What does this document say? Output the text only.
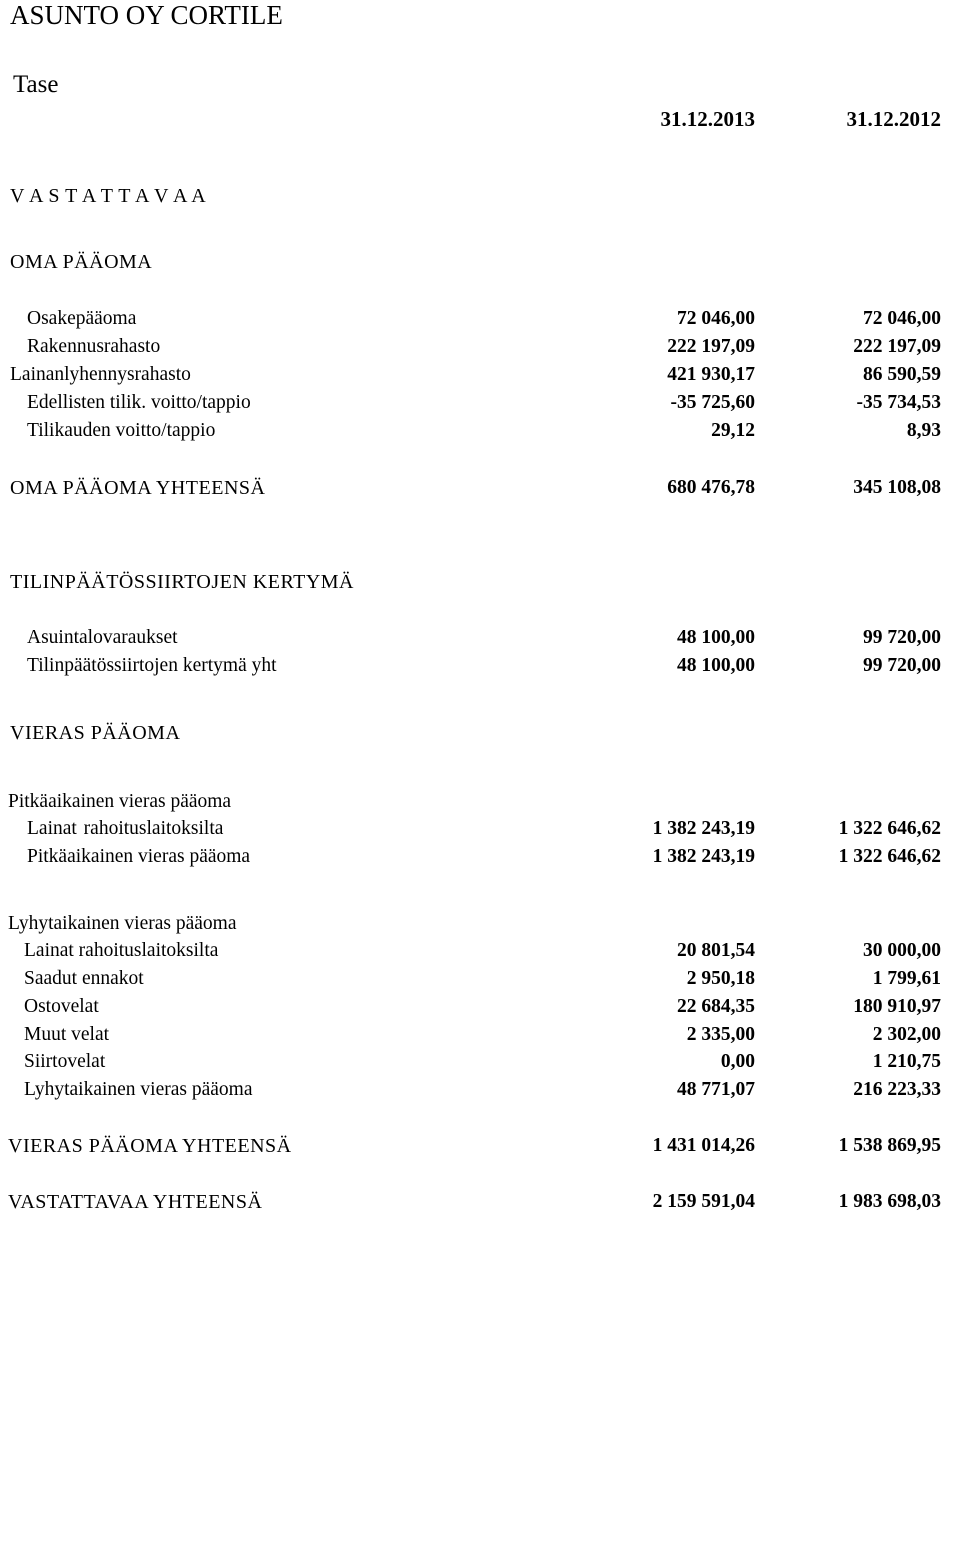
ASUNTO OY CORTILE
Tase
31.12.2013	31.12.2012
V A S T A T T A V A A
OMA PÄÄOMA
Osakepääoma	72 046,00	72 046,00
Rakennusrahasto	222 197,09	222 197,09
Lainanlyhennysrahasto	421 930,17	86 590,59
Edellisten tilik. voitto/tappio	-35 725,60	-35 734,53
Tilikauden voitto/tappio	29,12	8,93
OMA PÄÄOMA YHTEENSÄ	680 476,78	345 108,08
TILINPÄÄTÖSSIIRTOJEN KERTYMÄ
Asuintalovaraukset	48 100,00	99 720,00
Tilinpäätössiirtojen kertymä yht	48 100,00	99 720,00
VIERAS PÄÄOMA
Pitkäaikainen vieras pääoma
Lainat rahoituslaitoksilta	1 382 243,19	1 322 646,62
Pitkäaikainen vieras pääoma	1 382 243,19	1 322 646,62
Lyhytaikainen vieras pääoma
Lainat rahoituslaitoksilta	20 801,54	30 000,00
Saadut ennakot	2 950,18	1 799,61
Ostovelat	22 684,35	180 910,97
Muut velat	2 335,00	2 302,00
Siirtovelat	0,00	1 210,75
Lyhytaikainen vieras pääoma	48 771,07	216 223,33
VIERAS PÄÄOMA YHTEENSÄ	1 431 014,26	1 538 869,95
VASTATTAVAA YHTEENSÄ	2 159 591,04	1 983 698,03
